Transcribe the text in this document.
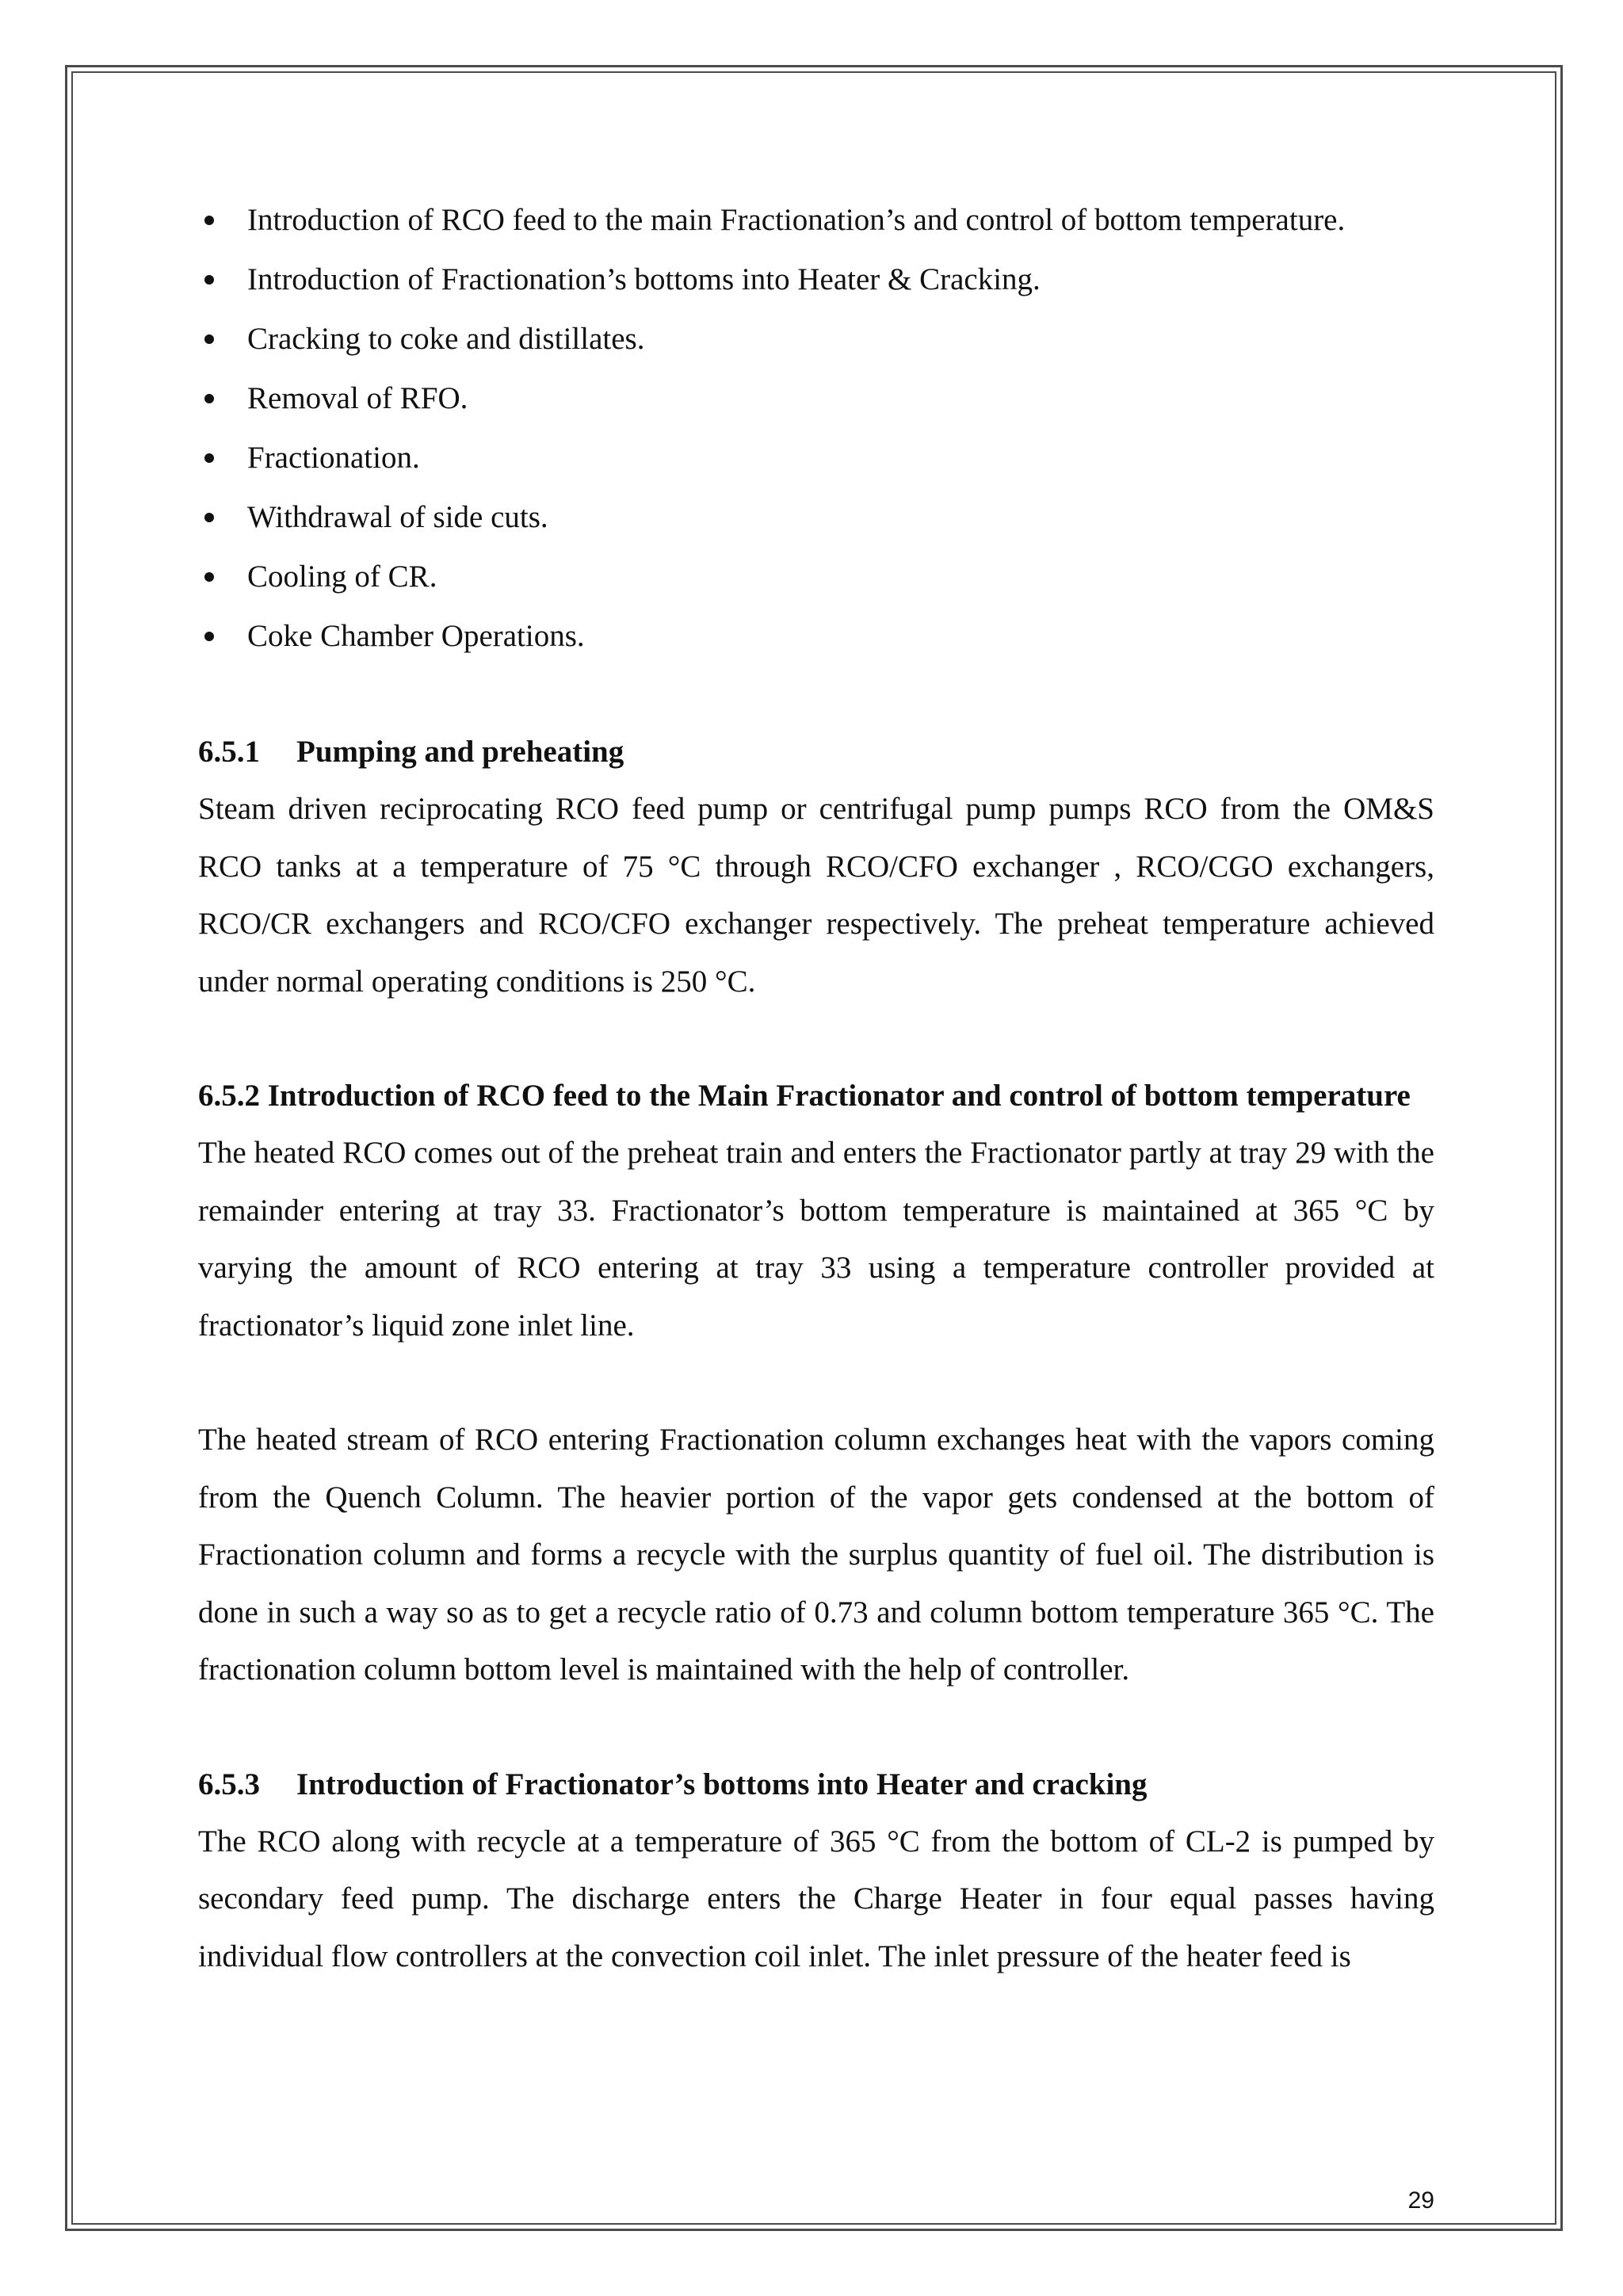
Introduction of RCO feed to the main Fractionation’s and control of bottom temperature.
Introduction of Fractionation’s bottoms into Heater & Cracking.
Cracking to coke and distillates.
Removal of RFO.
Fractionation.
Withdrawal of side cuts.
Cooling of CR.
Coke Chamber Operations.
6.5.1 Pumping and preheating

Steam driven reciprocating RCO feed pump or centrifugal pump pumps RCO from the OM&S RCO tanks at a temperature of 75 °C through RCO/CFO exchanger , RCO/CGO exchangers, RCO/CR exchangers and RCO/CFO exchanger respectively. The preheat temperature achieved under normal operating conditions is 250 °C.

6.5.2 Introduction of RCO feed to the Main Fractionator and control of bottom temperature

The heated RCO comes out of the preheat train and enters the Fractionator partly at tray 29 with the remainder entering at tray 33. Fractionator’s bottom temperature is maintained at 365 °C by varying the amount of RCO entering at tray 33 using a temperature controller provided at fractionator’s liquid zone inlet line.

The heated stream of RCO entering Fractionation column exchanges heat with the vapors coming from the Quench Column. The heavier portion of the vapor gets condensed at the bottom of Fractionation column and forms a recycle with the surplus quantity of fuel oil. The distribution is done in such a way so as to get a recycle ratio of 0.73 and column bottom temperature 365 °C. The fractionation column bottom level is maintained with the help of controller.

6.5.3 Introduction of Fractionator’s bottoms into Heater and cracking

The RCO along with recycle at a temperature of 365 °C from the bottom of CL-2 is pumped by secondary feed pump. The discharge enters the Charge Heater in four equal passes having individual flow controllers at the convection coil inlet. The inlet pressure of the heater feed is

29
